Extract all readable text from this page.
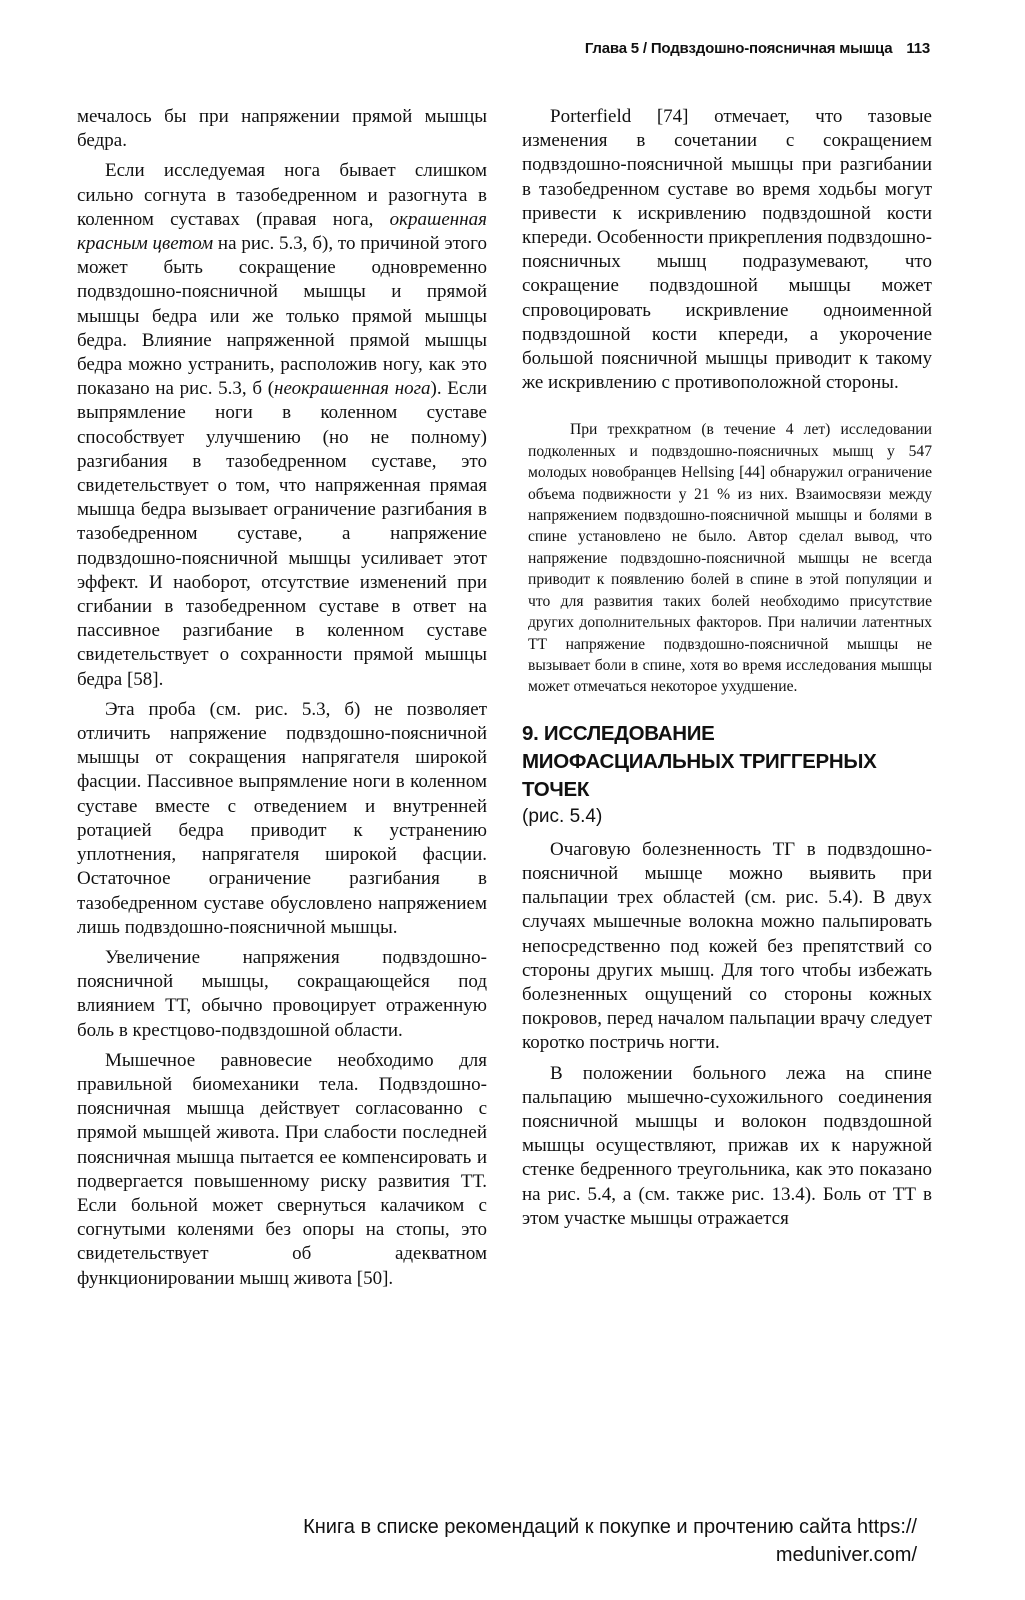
Глава 5 / Подвздошно-поясничная мышца 113

мечалось бы при напряжении прямой мышцы бедра.

Если исследуемая нога бывает слишком сильно согнута в тазобедренном и разогнута в коленном суставах (правая нога, окрашенная красным цветом на рис. 5.3, б), то причиной этого может быть сокращение одновременно подвздошно-поясничной мышцы и прямой мышцы бедра или же только прямой мышцы бедра. Влияние напряженной прямой мышцы бедра можно устранить, расположив ногу, как это показано на рис. 5.3, б (неокрашенная нога). Если выпрямление ноги в коленном суставе способствует улучшению (но не полному) разгибания в тазобедренном суставе, это свидетельствует о том, что напряженная прямая мышца бедра вызывает ограничение разгибания в тазобедренном суставе, а напряжение подвздошно-поясничной мышцы усиливает этот эффект. И наоборот, отсутствие изменений при сгибании в тазобедренном суставе в ответ на пассивное разгибание в коленном суставе свидетельствует о сохранности прямой мышцы бедра [58].

Эта проба (см. рис. 5.3, б) не позволяет отличить напряжение подвздошно-поясничной мышцы от сокращения напрягателя широкой фасции. Пассивное выпрямление ноги в коленном суставе вместе с отведением и внутренней ротацией бедра приводит к устранению уплотнения, напрягателя широкой фасции. Остаточное ограничение разгибания в тазобедренном суставе обусловлено напряжением лишь подвздошно-поясничной мышцы.

Увеличение напряжения подвздошно-поясничной мышцы, сокращающейся под влиянием ТТ, обычно провоцирует отраженную боль в крестцово-подвздошной области.

Мышечное равновесие необходимо для правильной биомеханики тела. Подвздошно-поясничная мышца действует согласованно с прямой мышцей живота. При слабости последней поясничная мышца пытается ее компенсировать и подвергается повышенному риску развития ТТ. Если больной может свернуться калачиком с согнутыми коленями без опоры на стопы, это свидетельствует об адекватном функционировании мышц живота [50].

Porterfield [74] отмечает, что тазовые изменения в сочетании с сокращением подвздошно-поясничной мышцы при разгибании в тазобедренном суставе во время ходьбы могут привести к искривлению подвздошной кости кпереди. Особенности прикрепления подвздошно-поясничных мышц подразумевают, что сокращение подвздошной мышцы может спровоцировать искривление одноименной подвздошной кости кпереди, а укорочение большой поясничной мышцы приводит к такому же искривлению с противоположной стороны.

При трехкратном (в течение 4 лет) исследовании подколенных и подвздошно-поясничных мышц у 547 молодых новобранцев Hellsing [44] обнаружил ограничение объема подвижности у 21 % из них. Взаимосвязи между напряжением подвздошно-поясничной мышцы и болями в спине установлено не было. Автор сделал вывод, что напряжение подвздошно-поясничной мышцы не всегда приводит к появлению болей в спине в этой популяции и что для развития таких болей необходимо присутствие других дополнительных факторов. При наличии латентных ТТ напряжение подвздошно-поясничной мышцы не вызывает боли в спине, хотя во время исследования мышцы может отмечаться некоторое ухудшение.

9. ИССЛЕДОВАНИЕ
МИОФАСЦИАЛЬНЫХ ТРИГГЕРНЫХ
ТОЧЕК
(рис. 5.4)

Очаговую болезненность ТГ в подвздошно-поясничной мышце можно выявить при пальпации трех областей (см. рис. 5.4). В двух случаях мышечные волокна можно пальпировать непосредственно под кожей без препятствий со стороны других мышц. Для того чтобы избежать болезненных ощущений со стороны кожных покровов, перед началом пальпации врачу следует коротко постричь ногти.

В положении больного лежа на спине пальпацию мышечно-сухожильного соединения поясничной мышцы и волокон подвздошной мышцы осуществляют, прижав их к наружной стенке бедренного треугольника, как это показано на рис. 5.4, а (см. также рис. 13.4). Боль от ТТ в этом участке мышцы отражается

Книга в списке рекомендаций к покупке и прочтению сайта https://
meduniver.com/
